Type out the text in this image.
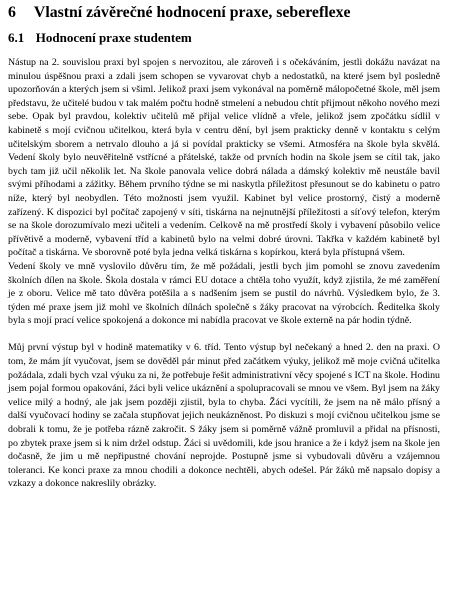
6 Vlastní závěrečné hodnocení praxe, sebereflexe
6.1 Hodnocení praxe studentem

Nástup na 2. souvislou praxi byl spojen s nervozitou, ale zároveň i s očekáváním, jestli dokážu navázat na minulou úspěšnou praxi a zdali jsem schopen se vyvarovat chyb a nedostatků, na které jsem byl posledně upozorňován a kterých jsem si všiml. Jelikož praxi jsem vykonával na poměrně málopočetné škole, měl jsem představu, že učitelé budou v tak malém počtu hodně stmelení a nebudou chtít přijmout někoho nového mezi sebe. Opak byl pravdou, kolektiv učitelů mě přijal velice vlídně a vřele, jelikož jsem zpočátku sídlil v kabinetě s mojí cvičnou učitelkou, která byla v centru dění, byl jsem prakticky denně v kontaktu s celým učitelským sborem a netrvalo dlouho a já si povídal prakticky se všemi. Atmosféra na škole byla skvělá. Vedení školy bylo neuvěřitelně vstřícné a přátelské, takže od prvních hodin na škole jsem se cítil tak, jako bych tam již učil několik let. Na škole panovala velice dobrá nálada a dámský kolektiv mě neustále bavil svými příhodami a zážitky. Během prvního týdne se mi naskytla příležitost přesunout se do kabinetu o patro níže, který byl neobydlen. Této možnosti jsem využil. Kabinet byl velice prostorný, čistý a moderně zařízený. K dispozici byl počítač zapojený v síti, tiskárna na nejnutnější příležitosti a síťový telefon, kterým se na škole dorozumívalo mezi učiteli a vedením. Celkově na mě prostředí školy i vybavení působilo velice přívětivě a moderně, vybavení tříd a kabinetů bylo na velmi dobré úrovni. Takřka v každém kabinetě byl počítač a tiskárna. Ve sborovně poté byla jedna velká tiskárna s kopírkou, která byla přístupná všem.

Vedení školy ve mně vyslovilo důvěru tím, že mě požádali, jestli bych jim pomohl se znovu zavedením školních dílen na škole. Škola dostala v rámci EU dotace a chtěla toho využít, když zjistila, že mé zaměření je z oboru. Velice mě tato důvěra potěšila a s nadšením jsem se pustil do návrhů. Výsledkem bylo, že 3. týden mé praxe jsem již mohl ve školních dílnách společně s žáky pracovat na výrobcích. Ředitelka školy byla s mojí prací velice spokojená a dokonce mi nabídla pracovat ve škole externě na pár hodin týdně.

Můj první výstup byl v hodině matematiky v 6. tříd. Tento výstup byl nečekaný a hned 2. den na praxi. O tom, že mám jít vyučovat, jsem se dověděl pár minut před začátkem výuky, jelikož mě moje cvičná učitelka požádala, zdali bych vzal výuku za ni, že potřebuje řešit administrativní věcy spojené s ICT na škole. Hodinu jsem pojal formou opakování, žáci byli velice ukáznění a spolupracovali se mnou ve všem. Byl jsem na žáky velice milý a hodný, ale jak jsem později zjistil, byla to chyba. Žáci vycítili, že jsem na ně málo přísný a další vyučovací hodiny se začala stupňovat jejich neukázněnost. Po diskuzi s mojí cvičnou učitelkou jsme se dobrali k tomu, že je potřeba rázně zakročit. S žáky jsem si poměrně vážně promluvil a přidal na přísnosti, po zbytek praxe jsem si k nim držel odstup. Žáci si uvědomili, kde jsou hranice a že i když jsem na škole jen dočasně, že jim u mě nepřipustné chování neprojde. Postupně jsme si vybudovali důvěru a vzájemnou toleranci. Ke konci praxe za mnou chodili a dokonce nechtěli, abych odešel. Pár žáků mě napsalo dopisy a vzkazy a dokonce nakreslily obrázky.
